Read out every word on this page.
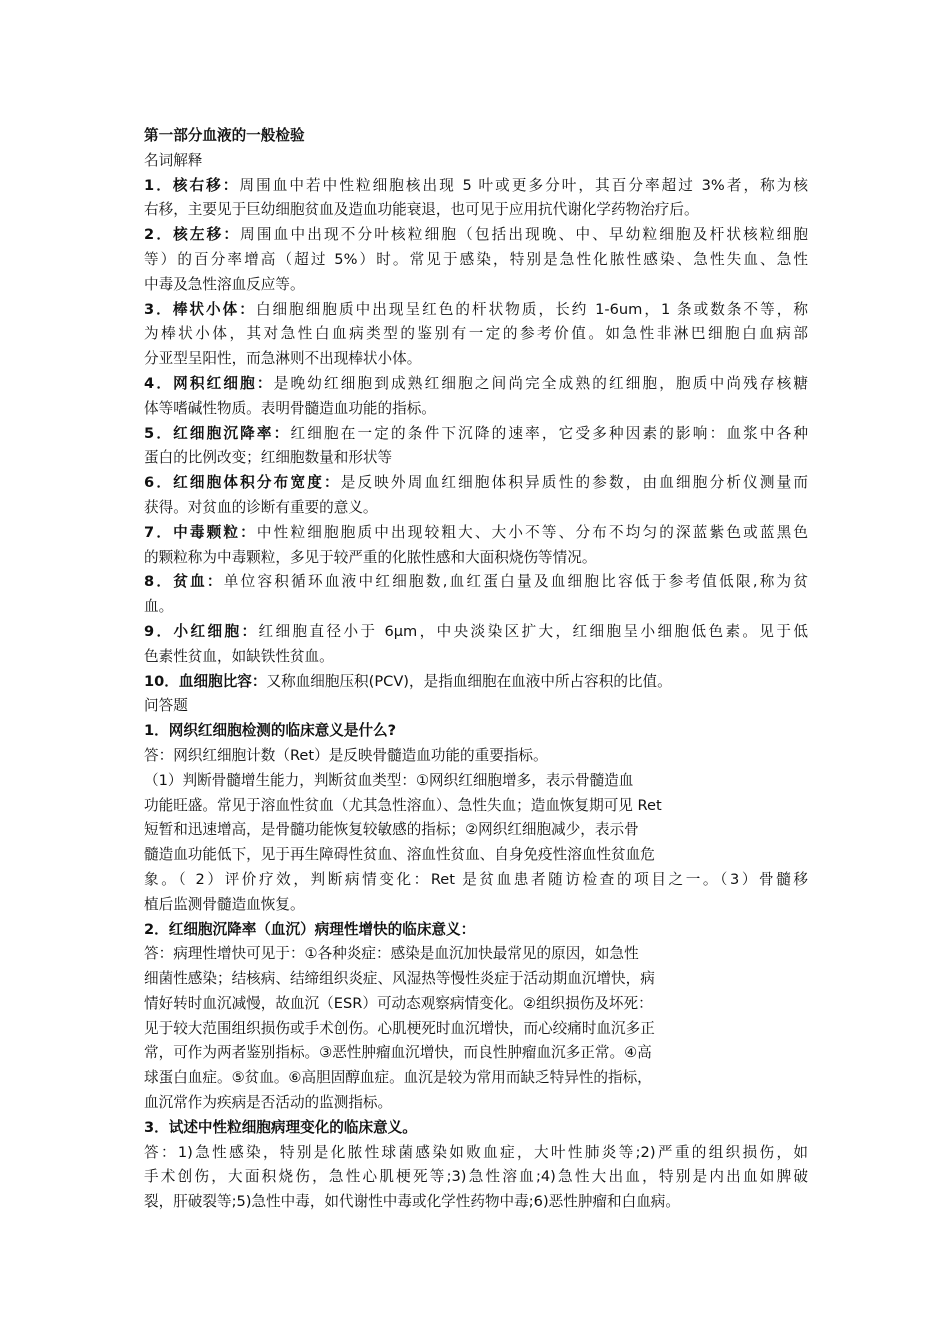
第一部分血液的一般检验
名词解释
1．核右移：周围血中若中性粒细胞核出现 5 叶或更多分叶，其百分率超过 3%者，称为核
右移，主要见于巨幼细胞贫血及造血功能衰退，也可见于应用抗代谢化学药物治疗后。
2．核左移：周围血中出现不分叶核粒细胞（包括出现晚、中、早幼粒细胞及杆状核粒细胞
等）的百分率增高（超过 5%）时。常见于感染，特别是急性化脓性感染、急性失血、急性
中毒及急性溶血反应等。
3．棒状小体：白细胞细胞质中出现呈红色的杆状物质，长约 1-6um，1 条或数条不等，称
为棒状小体，其对急性白血病类型的鉴别有一定的参考价值。如急性非淋巴细胞白血病部
分亚型呈阳性，而急淋则不出现棒状小体。
4．网积红细胞：是晚幼红细胞到成熟红细胞之间尚完全成熟的红细胞，胞质中尚残存核糖
体等嗜碱性物质。表明骨髓造血功能的指标。
5．红细胞沉降率：红细胞在一定的条件下沉降的速率，它受多种因素的影响：血浆中各种
蛋白的比例改变；红细胞数量和形状等
6．红细胞体积分布宽度：是反映外周血红细胞体积异质性的参数，由血细胞分析仪测量而
获得。对贫血的诊断有重要的意义。
7．中毒颗粒：中性粒细胞胞质中出现较粗大、大小不等、分布不均匀的深蓝紫色或蓝黑色
的颗粒称为中毒颗粒，多见于较严重的化脓性感和大面积烧伤等情况。
8．贫血：单位容积循环血液中红细胞数,血红蛋白量及血细胞比容低于参考值低限,称为贫
血。
9．小红细胞：红细胞直径小于 6μm，中央淡染区扩大，红细胞呈小细胞低色素。见于低
色素性贫血，如缺铁性贫血。
10．血细胞比容：又称血细胞压积(PCV)，是指血细胞在血液中所占容积的比值。
问答题
1．网织红细胞检测的临床意义是什么?
答：网织红细胞计数（Ret）是反映骨髓造血功能的重要指标。
（1）判断骨髓增生能力，判断贫血类型：①网织红细胞增多，表示骨髓造血
功能旺盛。常见于溶血性贫血（尤其急性溶血）、急性失血；造血恢复期可见 Ret
短暂和迅速增高，是骨髓功能恢复较敏感的指标；②网织红细胞减少，表示骨
髓造血功能低下，见于再生障碍性贫血、溶血性贫血、自身免疫性溶血性贫血危
象。（ 2）评价疗效，判断病情变化：Ret 是贫血患者随访检查的项目之一。（3）骨髓移
植后监测骨髓造血恢复。
2．红细胞沉降率（血沉）病理性增快的临床意义：
答：病理性增快可见于：①各种炎症：感染是血沉加快最常见的原因，如急性
细菌性感染；结核病、结缔组织炎症、风湿热等慢性炎症于活动期血沉增快，病
情好转时血沉减慢，故血沉（ESR）可动态观察病情变化。②组织损伤及坏死：
见于较大范围组织损伤或手术创伤。心肌梗死时血沉增快，而心绞痛时血沉多正
常，可作为两者鉴别指标。③恶性肿瘤血沉增快，而良性肿瘤血沉多正常。④高
球蛋白血症。⑤贫血。⑥高胆固醇血症。血沉是较为常用而缺乏特异性的指标，
血沉常作为疾病是否活动的监测指标。
3．试述中性粒细胞病理变化的临床意义。
答：1)急性感染，特别是化脓性球菌感染如败血症，大叶性肺炎等;2)严重的组织损伤，如
手术创伤，大面积烧伤，急性心肌梗死等;3)急性溶血;4)急性大出血，特别是内出血如脾破
裂，肝破裂等;5)急性中毒，如代谢性中毒或化学性药物中毒;6)恶性肿瘤和白血病。
